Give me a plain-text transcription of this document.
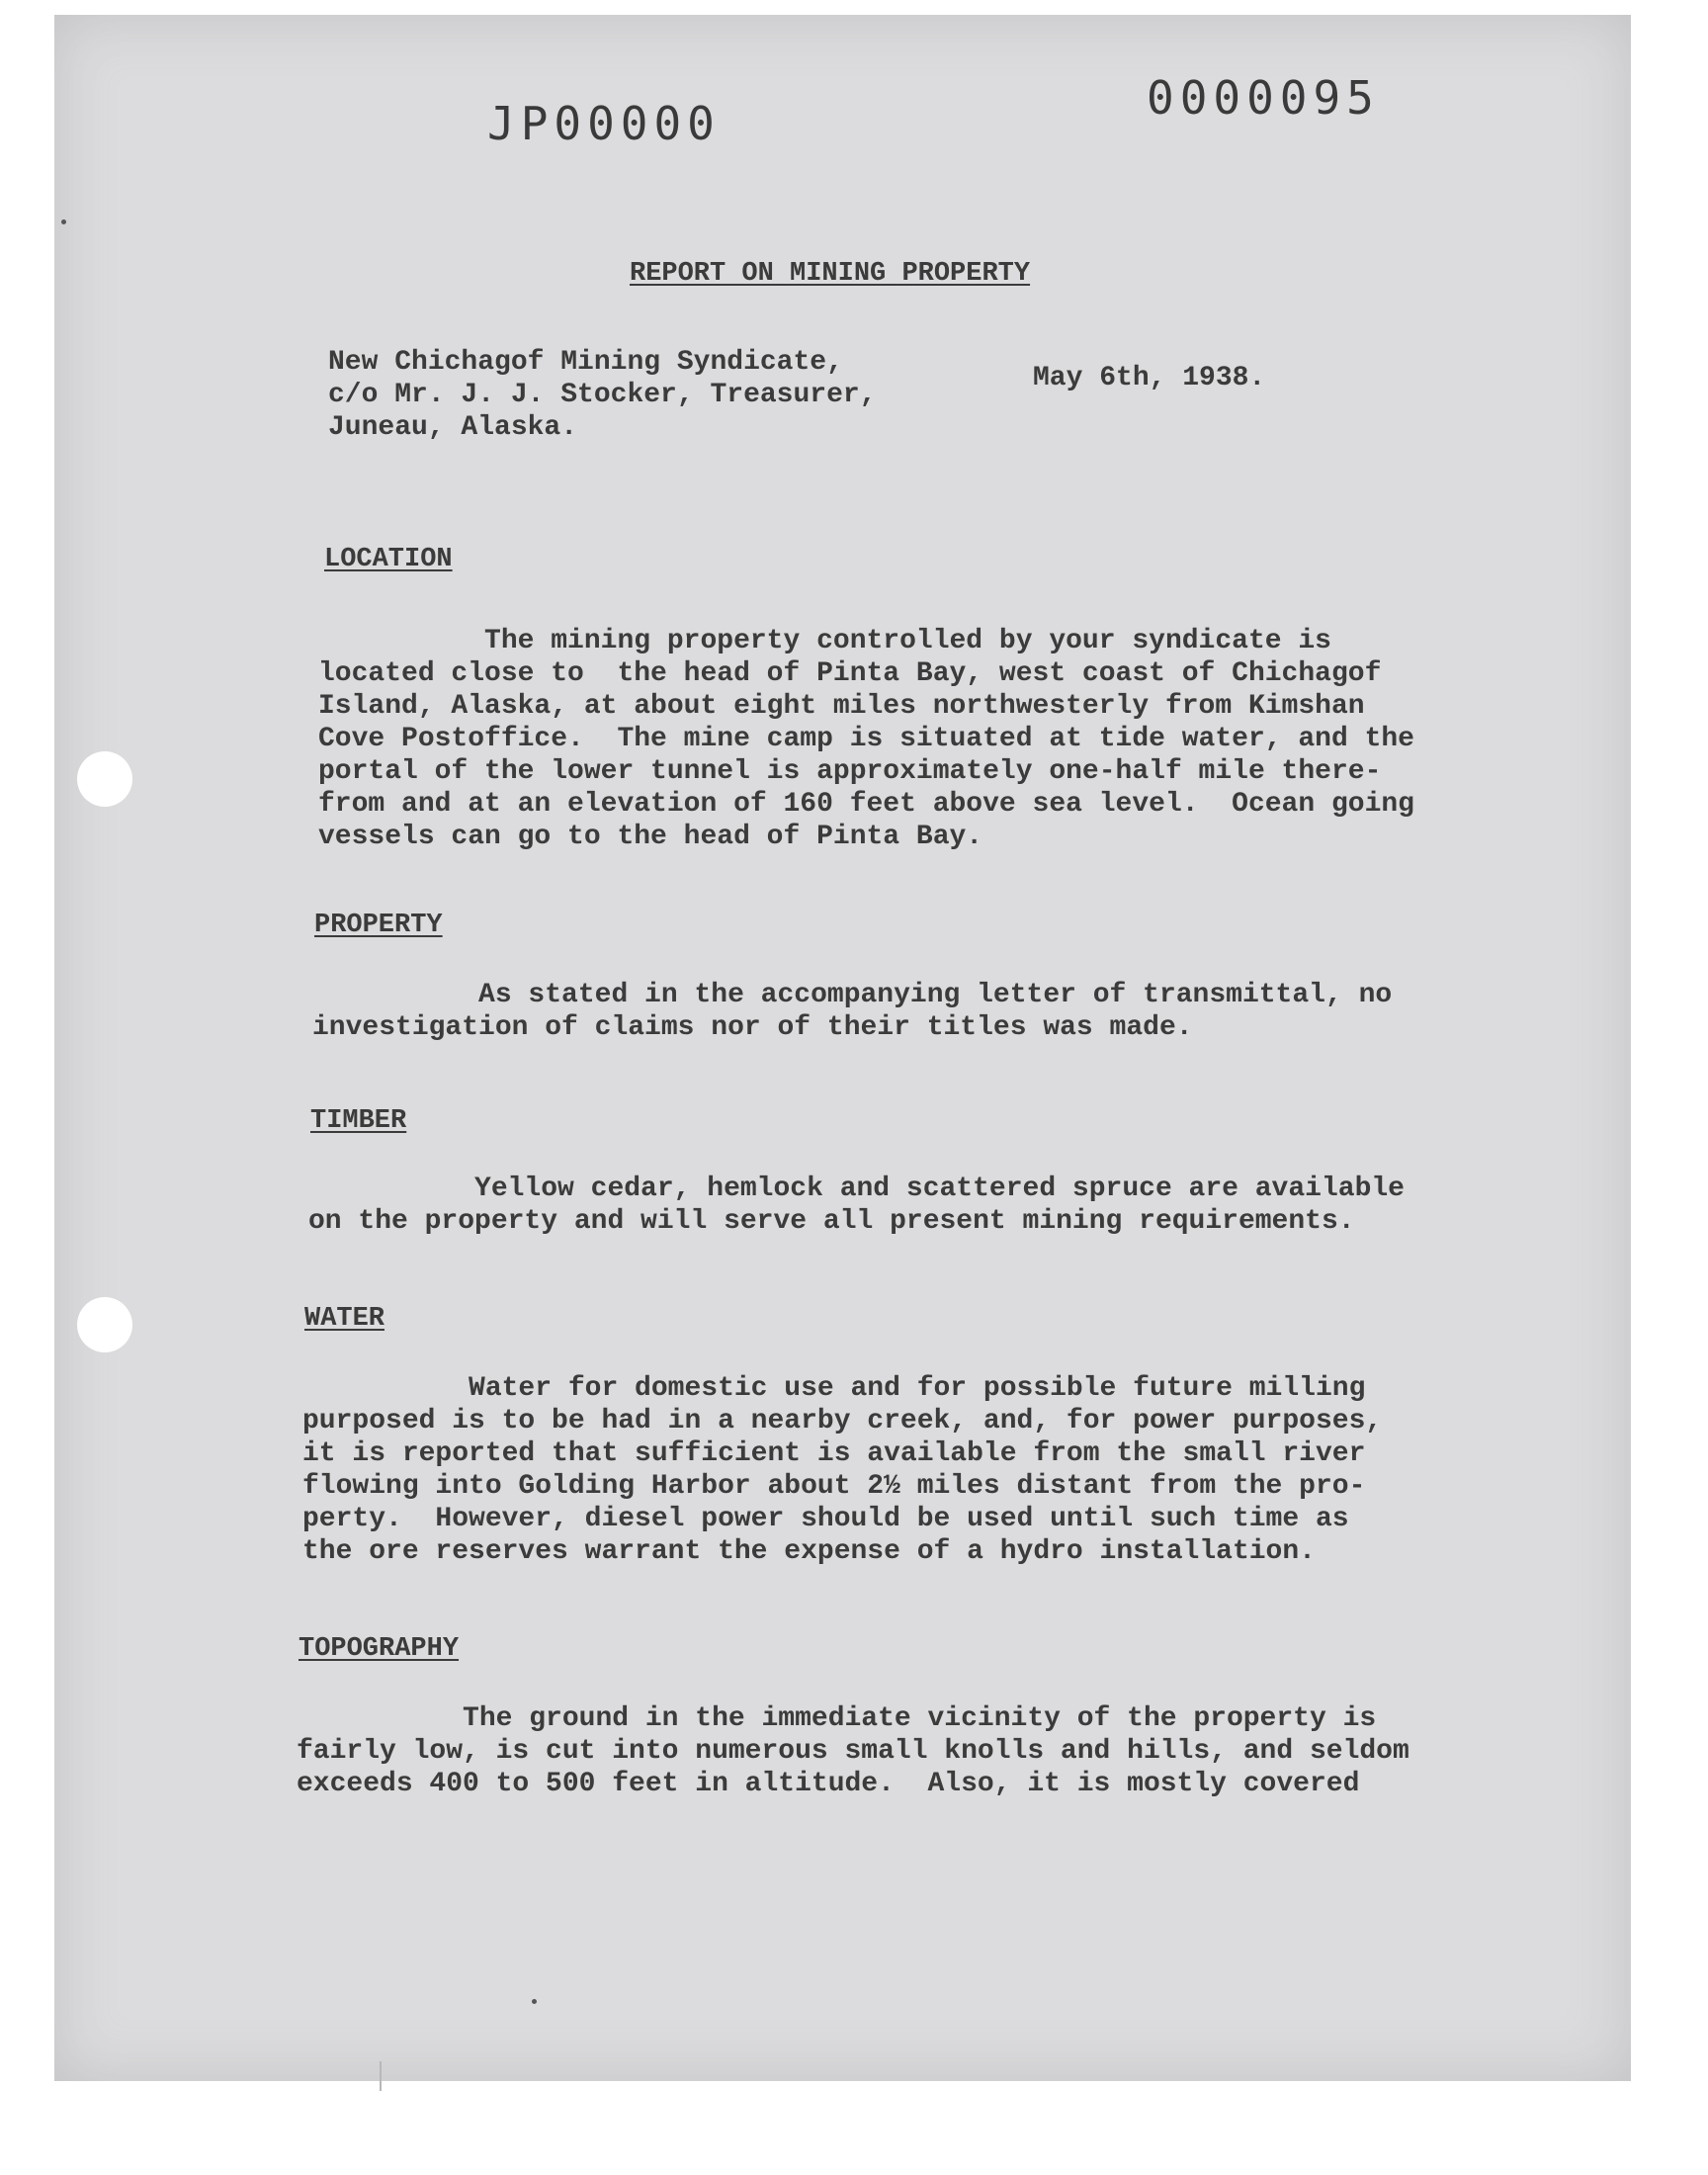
JP00000	0000095
REPORT ON MINING PROPERTY
New Chichagof Mining Syndicate,
c/o Mr. J. J. Stocker, Treasurer,
Juneau, Alaska.
May 6th, 1938.
LOCATION
The mining property controlled by your syndicate is
located close to  the head of Pinta Bay, west coast of Chichagof
Island, Alaska, at about eight miles northwesterly from Kimshan
Cove Postoffice.  The mine camp is situated at tide water, and the
portal of the lower tunnel is approximately one-half mile there-
from and at an elevation of 160 feet above sea level.  Ocean going
vessels can go to the head of Pinta Bay.
PROPERTY
As stated in the accompanying letter of transmittal, no
investigation of claims nor of their titles was made.
TIMBER
Yellow cedar, hemlock and scattered spruce are available
on the property and will serve all present mining requirements.
WATER
Water for domestic use and for possible future milling
purposed is to be had in a nearby creek, and, for power purposes,
it is reported that sufficient is available from the small river
flowing into Golding Harbor about 2½ miles distant from the pro-
perty.  However, diesel power should be used until such time as
the ore reserves warrant the expense of a hydro installation.
TOPOGRAPHY
The ground in the immediate vicinity of the property is
fairly low, is cut into numerous small knolls and hills, and seldom
exceeds 400 to 500 feet in altitude.  Also, it is mostly covered
